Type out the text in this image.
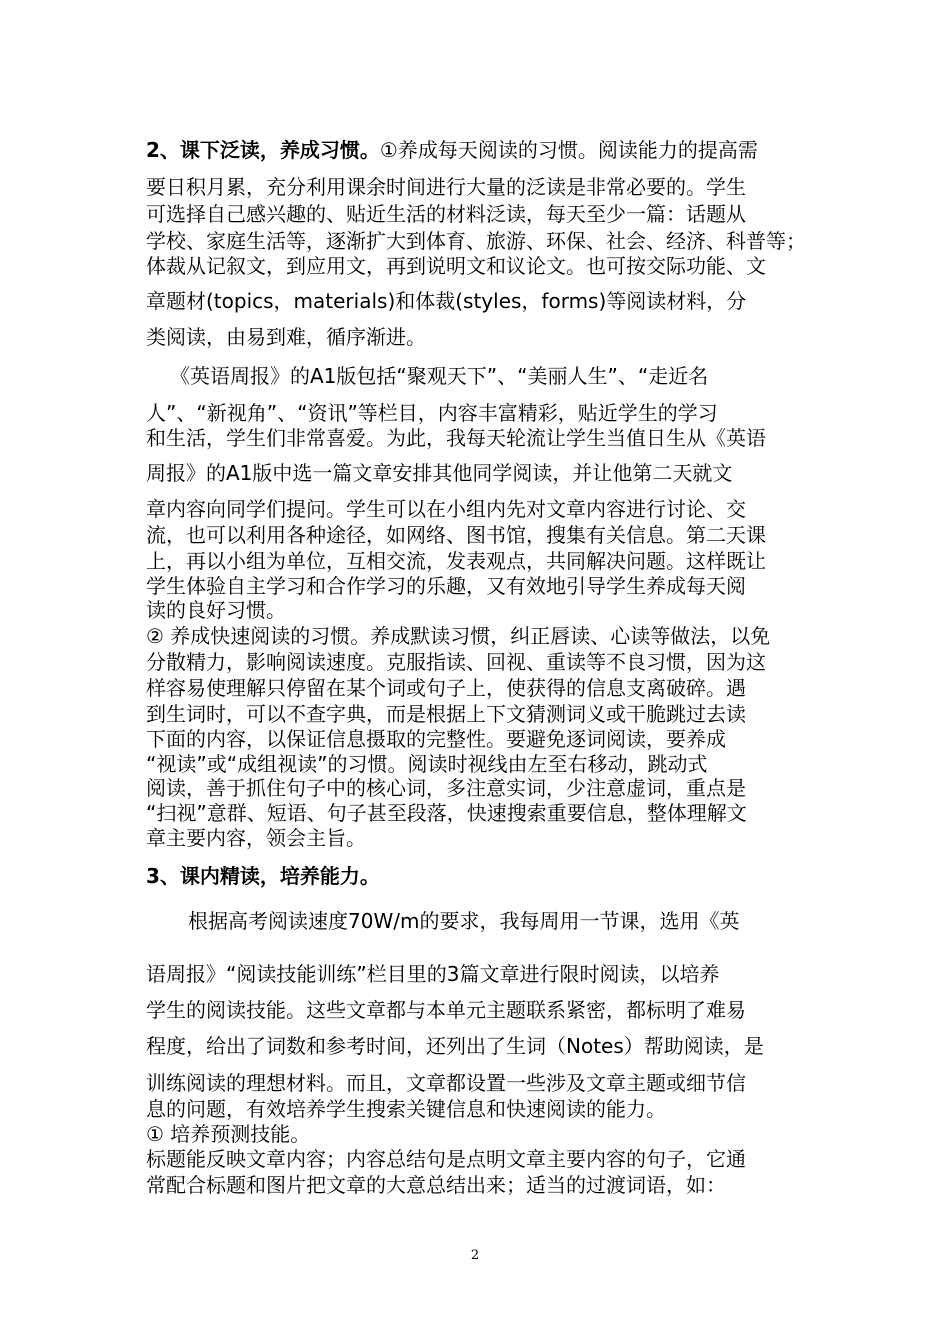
2、课下泛读，养成习惯。①养成每天阅读的习惯。阅读能力的提高需
要日积月累，充分利用课余时间进行大量的泛读是非常必要的。学生
可选择自己感兴趣的、贴近生活的材料泛读，每天至少一篇：话题从
学校、家庭生活等，逐渐扩大到体育、旅游、环保、社会、经济、科普等；
体裁从记叙文，到应用文，再到说明文和议论文。也可按交际功能、文
章题材(topics，materials)和体裁(styles，forms)等阅读材料，分
类阅读，由易到难，循序渐进。
《英语周报》的A1版包括“聚观天下”、“美丽人生”、“走近名
人”、“新视角”、“资讯”等栏目，内容丰富精彩，贴近学生的学习
和生活，学生们非常喜爱。为此，我每天轮流让学生当值日生从《英语
周报》的A1版中选一篇文章安排其他同学阅读，并让他第二天就文
章内容向同学们提问。学生可以在小组内先对文章内容进行讨论、交
流，也可以利用各种途径，如网络、图书馆，搜集有关信息。第二天课
上，再以小组为单位，互相交流，发表观点，共同解决问题。这样既让
学生体验自主学习和合作学习的乐趣，又有效地引导学生养成每天阅
读的良好习惯。
② 养成快速阅读的习惯。养成默读习惯，纠正唇读、心读等做法，以免
分散精力，影响阅读速度。克服指读、回视、重读等不良习惯，因为这
样容易使理解只停留在某个词或句子上，使获得的信息支离破碎。遇
到生词时，可以不查字典，而是根据上下文猜测词义或干脆跳过去读
下面的内容，以保证信息摄取的完整性。要避免逐词阅读，要养成
“视读”或“成组视读”的习惯。阅读时视线由左至右移动，跳动式
阅读，善于抓住句子中的核心词，多注意实词，少注意虚词，重点是
“扫视”意群、短语、句子甚至段落，快速搜索重要信息，整体理解文
章主要内容，领会主旨。
3、课内精读，培养能力。
根据高考阅读速度70W/m的要求，我每周用一节课，选用《英
语周报》“阅读技能训练”栏目里的3篇文章进行限时阅读，以培养
学生的阅读技能。这些文章都与本单元主题联系紧密，都标明了难易
程度，给出了词数和参考时间，还列出了生词（Notes）帮助阅读，是
训练阅读的理想材料。而且，文章都设置一些涉及文章主题或细节信
息的问题，有效培养学生搜索关键信息和快速阅读的能力。
① 培养预测技能。
标题能反映文章内容；内容总结句是点明文章主要内容的句子，它通
常配合标题和图片把文章的大意总结出来；适当的过渡词语，如：
2
